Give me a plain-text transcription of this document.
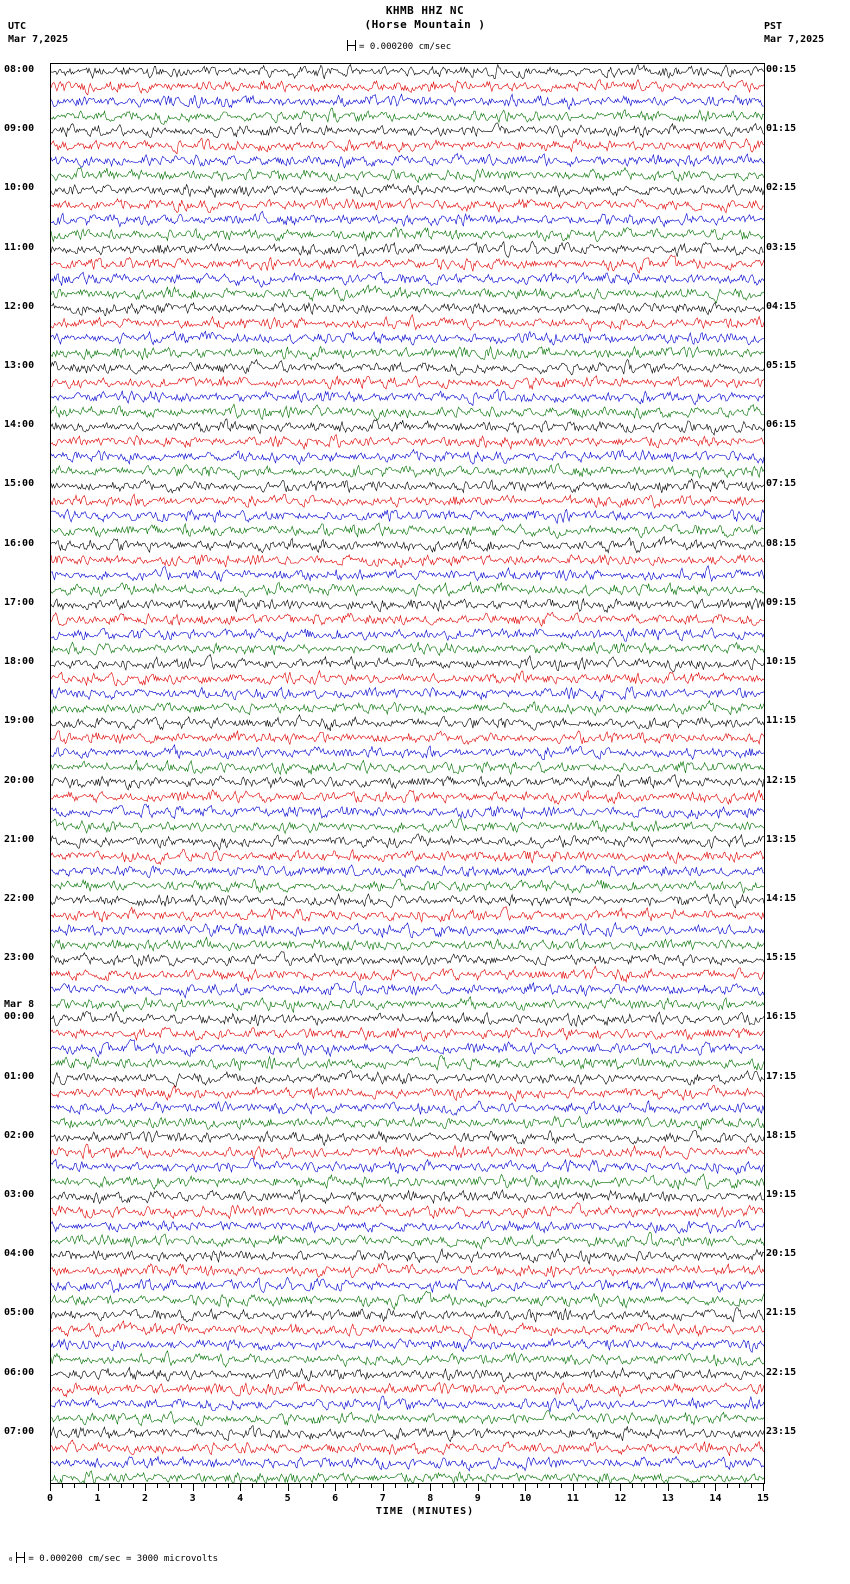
KHMB HHZ NC
(Horse Mountain )
= 0.000200 cm/sec
UTC
Mar 7,2025
PST
Mar 7,2025
08:00
09:00
10:00
11:00
12:00
13:00
14:00
15:00
16:00
17:00
18:00
19:00
20:00
21:00
22:00
23:00
00:00
Mar 8
01:00
02:00
03:00
04:00
05:00
06:00
07:00
00:15
01:15
02:15
03:15
04:15
05:15
06:15
07:15
08:15
09:15
10:15
11:15
12:15
13:15
14:15
15:15
16:15
17:15
18:15
19:15
20:15
21:15
22:15
23:15
0	1	2	3	4	5	6	7	8	9	10	11	12	13	14	15
TIME (MINUTES)
₀ = 0.000200 cm/sec = 3000 microvolts
